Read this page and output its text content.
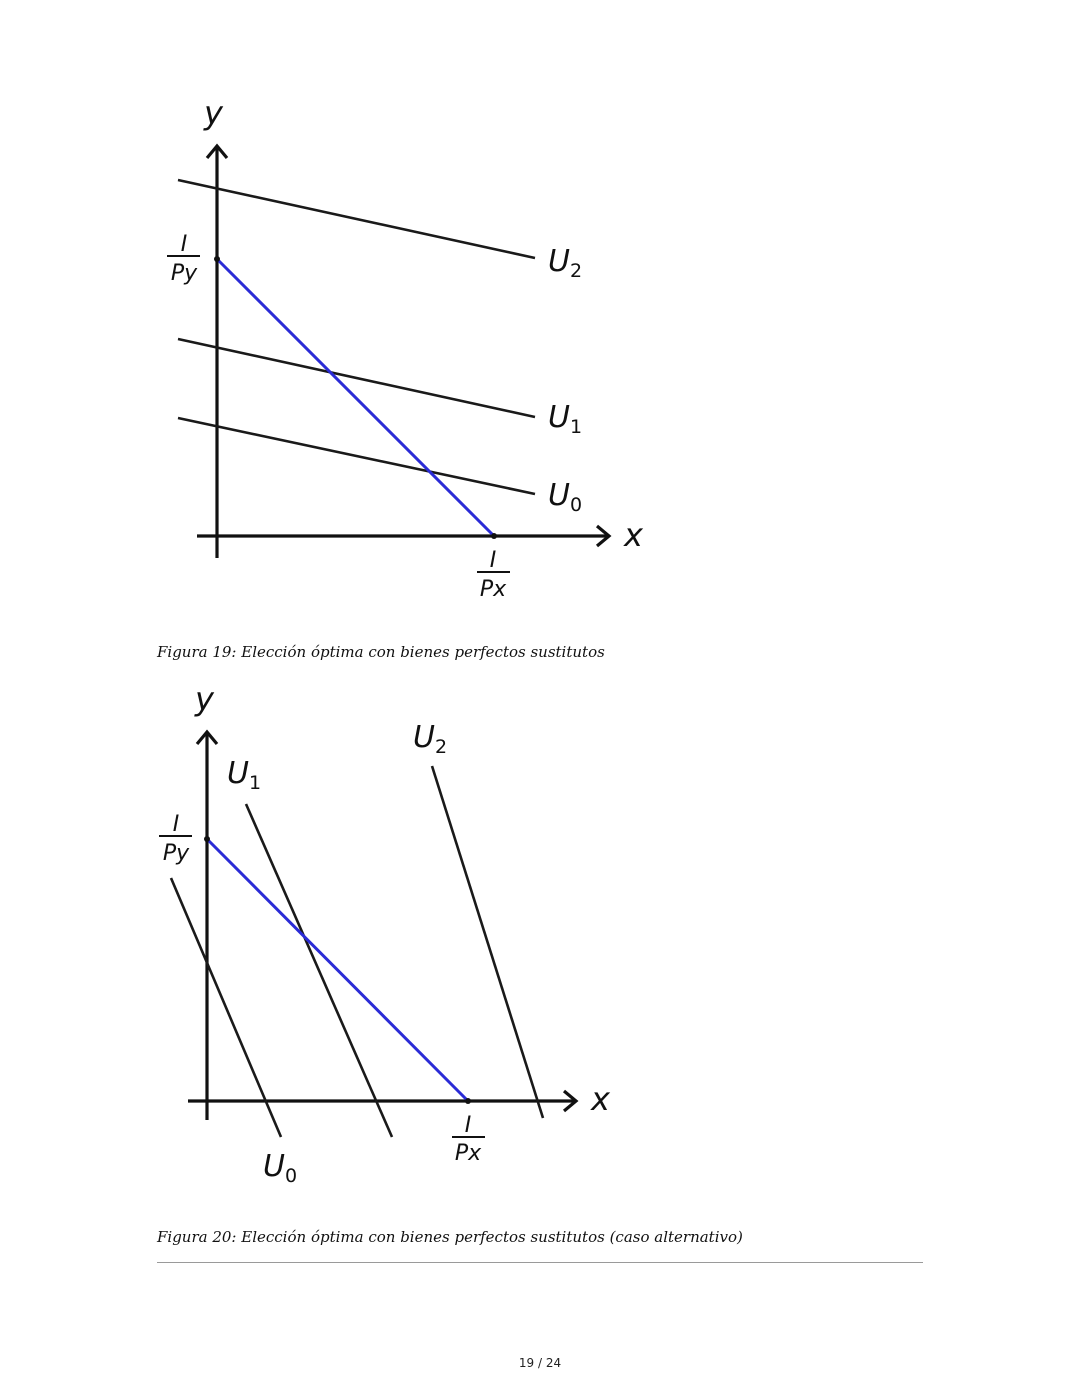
y
x
$U_2$
$U_1$
$U_0$
I
Py
I
Px
Figura 19: Elección óptima con bienes perfectos sustitutos
y
x
$U_0$
$U_1$
$U_2$
I
Py
I
Px
Figura 20: Elección óptima con bienes perfectos sustitutos (caso alternativo)
19 / 24
